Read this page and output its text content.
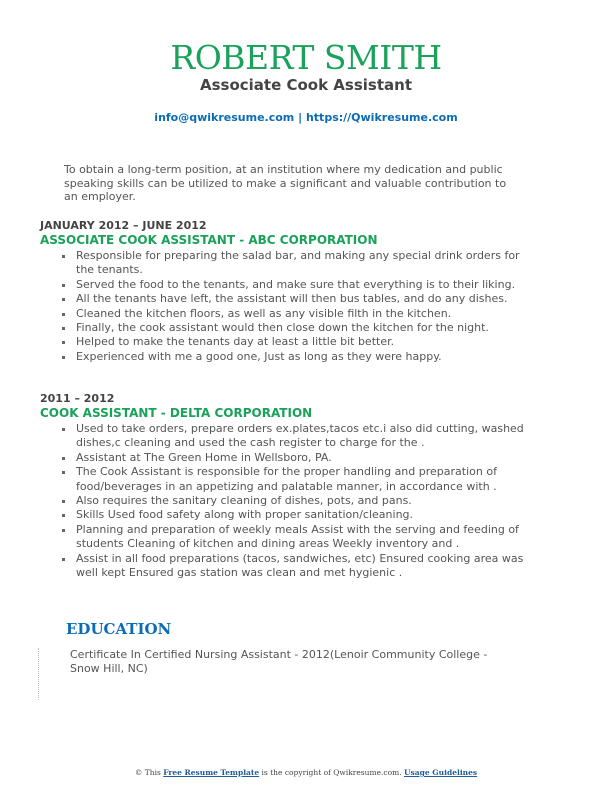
ROBERT SMITH
Associate Cook Assistant
info@qwikresume.com | https://Qwikresume.com
To obtain a long-term position, at an institution where my dedication and public speaking skills can be utilized to make a significant and valuable contribution to an employer.
JANUARY 2012 – JUNE 2012
ASSOCIATE COOK ASSISTANT - ABC CORPORATION
Responsible for preparing the salad bar, and making any special drink orders for the tenants.
Served the food to the tenants, and make sure that everything is to their liking.
All the tenants have left, the assistant will then bus tables, and do any dishes.
Cleaned the kitchen floors, as well as any visible filth in the kitchen.
Finally, the cook assistant would then close down the kitchen for the night.
Helped to make the tenants day at least a little bit better.
Experienced with me a good one, Just as long as they were happy.
2011 – 2012
COOK ASSISTANT - DELTA CORPORATION
Used to take orders, prepare orders ex.plates,tacos etc.i also did cutting, washed dishes,c cleaning and used the cash register to charge for the .
Assistant at The Green Home in Wellsboro, PA.
The Cook Assistant is responsible for the proper handling and preparation of food/beverages in an appetizing and palatable manner, in accordance with .
Also requires the sanitary cleaning of dishes, pots, and pans.
Skills Used food safety along with proper sanitation/cleaning.
Planning and preparation of weekly meals Assist with the serving and feeding of students Cleaning of kitchen and dining areas Weekly inventory and .
Assist in all food preparations (tacos, sandwiches, etc) Ensured cooking area was well kept Ensured gas station was clean and met hygienic .
EDUCATION
Certificate In Certified Nursing Assistant - 2012(Lenoir Community College - Snow Hill, NC)
© This Free Resume Template is the copyright of Qwikresume.com. Usage Guidelines
